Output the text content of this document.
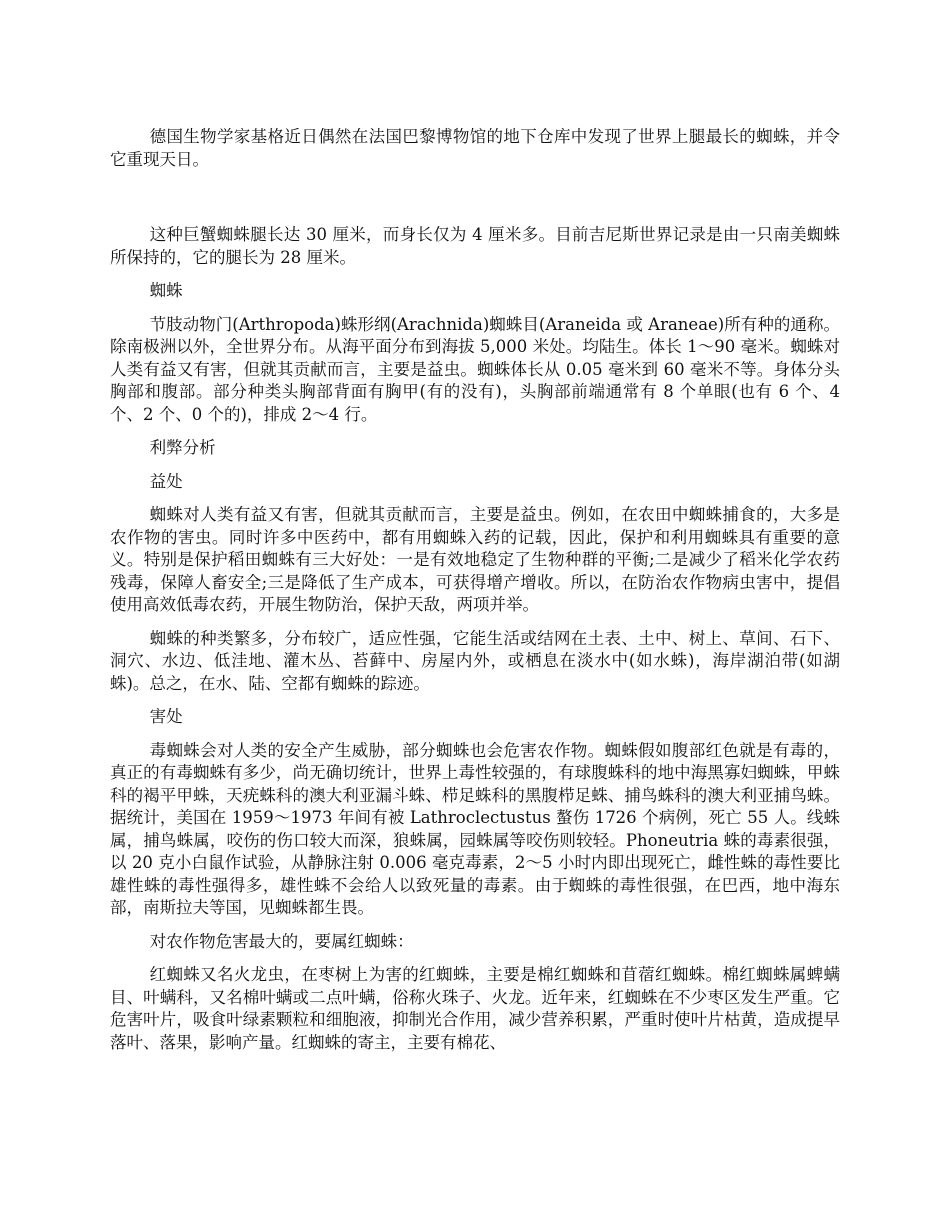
德国生物学家基格近日偶然在法国巴黎博物馆的地下仓库中发现了世界上腿最长的蜘蛛，并令它重现天日。

这种巨蟹蜘蛛腿长达 30 厘米，而身长仅为 4 厘米多。目前吉尼斯世界记录是由一只南美蜘蛛所保持的，它的腿长为 28 厘米。

蜘蛛

节肢动物门(Arthropoda)蛛形纲(Arachnida)蜘蛛目(Araneida 或 Araneae)所有种的通称。除南极洲以外，全世界分布。从海平面分布到海拔 5,000 米处。均陆生。体长 1～90 毫米。蜘蛛对人类有益又有害，但就其贡献而言，主要是益虫。蜘蛛体长从 0.05 毫米到 60 毫米不等。身体分头胸部和腹部。部分种类头胸部背面有胸甲(有的没有)，头胸部前端通常有 8 个单眼(也有 6 个、4 个、2 个、0 个的)，排成 2～4 行。

利弊分析

益处

蜘蛛对人类有益又有害，但就其贡献而言，主要是益虫。例如，在农田中蜘蛛捕食的，大多是农作物的害虫。同时许多中医药中，都有用蜘蛛入药的记载，因此，保护和利用蜘蛛具有重要的意义。特别是保护稻田蜘蛛有三大好处：一是有效地稳定了生物种群的平衡;二是减少了稻米化学农药残毒，保障人畜安全;三是降低了生产成本，可获得增产增收。所以，在防治农作物病虫害中，提倡使用高效低毒农药，开展生物防治，保护天敌，两项并举。

蜘蛛的种类繁多，分布较广，适应性强，它能生活或结网在土表、土中、树上、草间、石下、洞穴、水边、低洼地、灌木丛、苔藓中、房屋内外，或栖息在淡水中(如水蛛)，海岸湖泊带(如湖蛛)。总之，在水、陆、空都有蜘蛛的踪迹。

害处

毒蜘蛛会对人类的安全产生威胁，部分蜘蛛也会危害农作物。蜘蛛假如腹部红色就是有毒的，真正的有毒蜘蛛有多少，尚无确切统计，世界上毒性较强的，有球腹蛛科的地中海黑寡妇蜘蛛，甲蛛科的褐平甲蛛，天疣蛛科的澳大利亚漏斗蛛、栉足蛛科的黑腹栉足蛛、捕鸟蛛科的澳大利亚捕鸟蛛。据统计，美国在 1959～1973 年间有被 Lathroclectustus 螯伤 1726 个病例，死亡 55 人。线蛛属，捕鸟蛛属，咬伤的伤口较大而深，狼蛛属，园蛛属等咬伤则较轻。Phoneutria 蛛的毒素很强，以 20 克小白鼠作试验，从静脉注射 0.006 毫克毒素，2～5 小时内即出现死亡，雌性蛛的毒性要比雄性蛛的毒性强得多，雄性蛛不会给人以致死量的毒素。由于蜘蛛的毒性很强，在巴西，地中海东部，南斯拉夫等国，见蜘蛛都生畏。

对农作物危害最大的，要属红蜘蛛：

红蜘蛛又名火龙虫，在枣树上为害的红蜘蛛，主要是棉红蜘蛛和苜蓿红蜘蛛。棉红蜘蛛属蜱螨目、叶螨科，又名棉叶螨或二点叶螨，俗称火珠子、火龙。近年来，红蜘蛛在不少枣区发生严重。它危害叶片，吸食叶绿素颗粒和细胞液，抑制光合作用，减少营养积累，严重时使叶片枯黄，造成提早落叶、落果，影响产量。红蜘蛛的寄主，主要有棉花、
